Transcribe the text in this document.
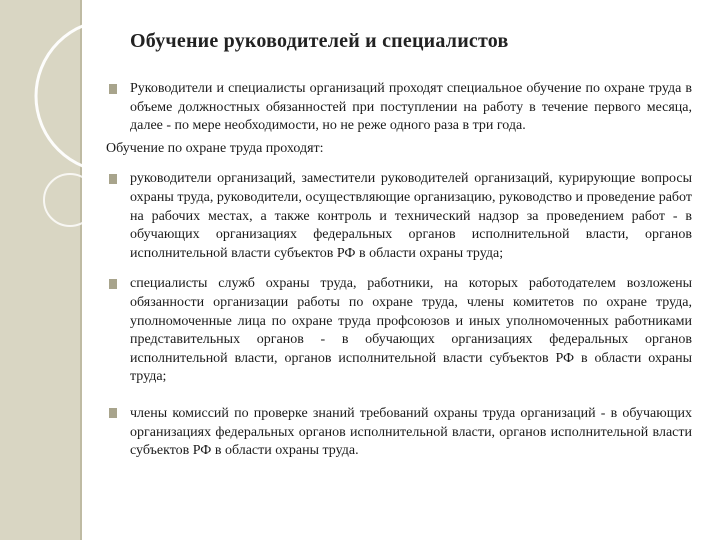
Обучение руководителей и специалистов
Руководители и специалисты организаций проходят специальное обучение по охране труда в объеме должностных обязанностей при поступлении на работу в течение первого месяца, далее - по мере необходимости, но не реже одного раза в три года.
Обучение по охране труда проходят:
руководители организаций, заместители руководителей организаций, курирующие вопросы охраны труда, руководители, осуществляющие организацию, руководство и проведение работ на рабочих местах, а также контроль и технический надзор за проведением работ - в обучающих организациях федеральных органов исполнительной власти, органов исполнительной власти субъектов РФ в области охраны труда;
специалисты служб охраны труда, работники, на которых работодателем возложены обязанности организации работы по охране труда, члены комитетов по охране труда, уполномоченные лица по охране труда профсоюзов и иных уполномоченных работниками представительных органов - в обучающих организациях федеральных органов исполнительной власти, органов исполнительной власти субъектов РФ в области охраны труда;
члены комиссий по проверке знаний требований охраны труда организаций - в обучающих организациях федеральных органов исполнительной власти, органов исполнительной власти субъектов РФ в области охраны труда.
